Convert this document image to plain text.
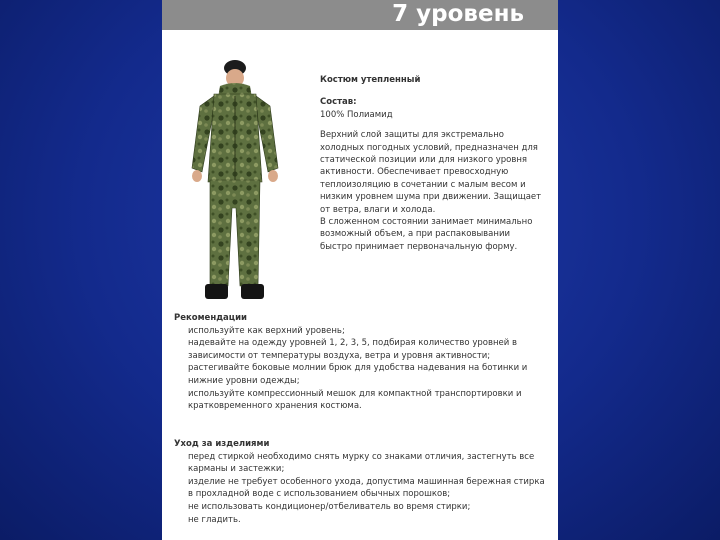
7 уровень
Костюм утепленный
Состав:
100% Полиамид

Верхний слой защиты для экстремально холодных погодных условий, предназначен для статической позиции или для низкого уровня активности. Обеспечивает превосходную теплоизоляцию в сочетании с малым весом и низким уровнем шума при движении. Защищает от ветра, влаги и холода.

В сложенном состоянии занимает минимально возможный объем, а при распаковывании быстро принимает первоначальную форму.

Рекомендации
используйте как верхний уровень;
надевайте на одежду уровней 1, 2, 3, 5, подбирая количество уровней в зависимости от температуры воздуха, ветра и уровня активности;
растегивайте боковые молнии брюк для удобства надевания на ботинки и нижние уровни одежды;
используйте компрессионный мешок для компактной транспортировки и кратковременного хранения костюма.
Уход за изделиями
перед стиркой необходимо снять мурку со знаками отличия, застегнуть все карманы и застежки;
изделие не требует особенного ухода, допустима машинная бережная стирка в прохладной воде с использованием обычных порошков;
не использовать кондиционер/отбеливатель во время стирки;
не гладить.
